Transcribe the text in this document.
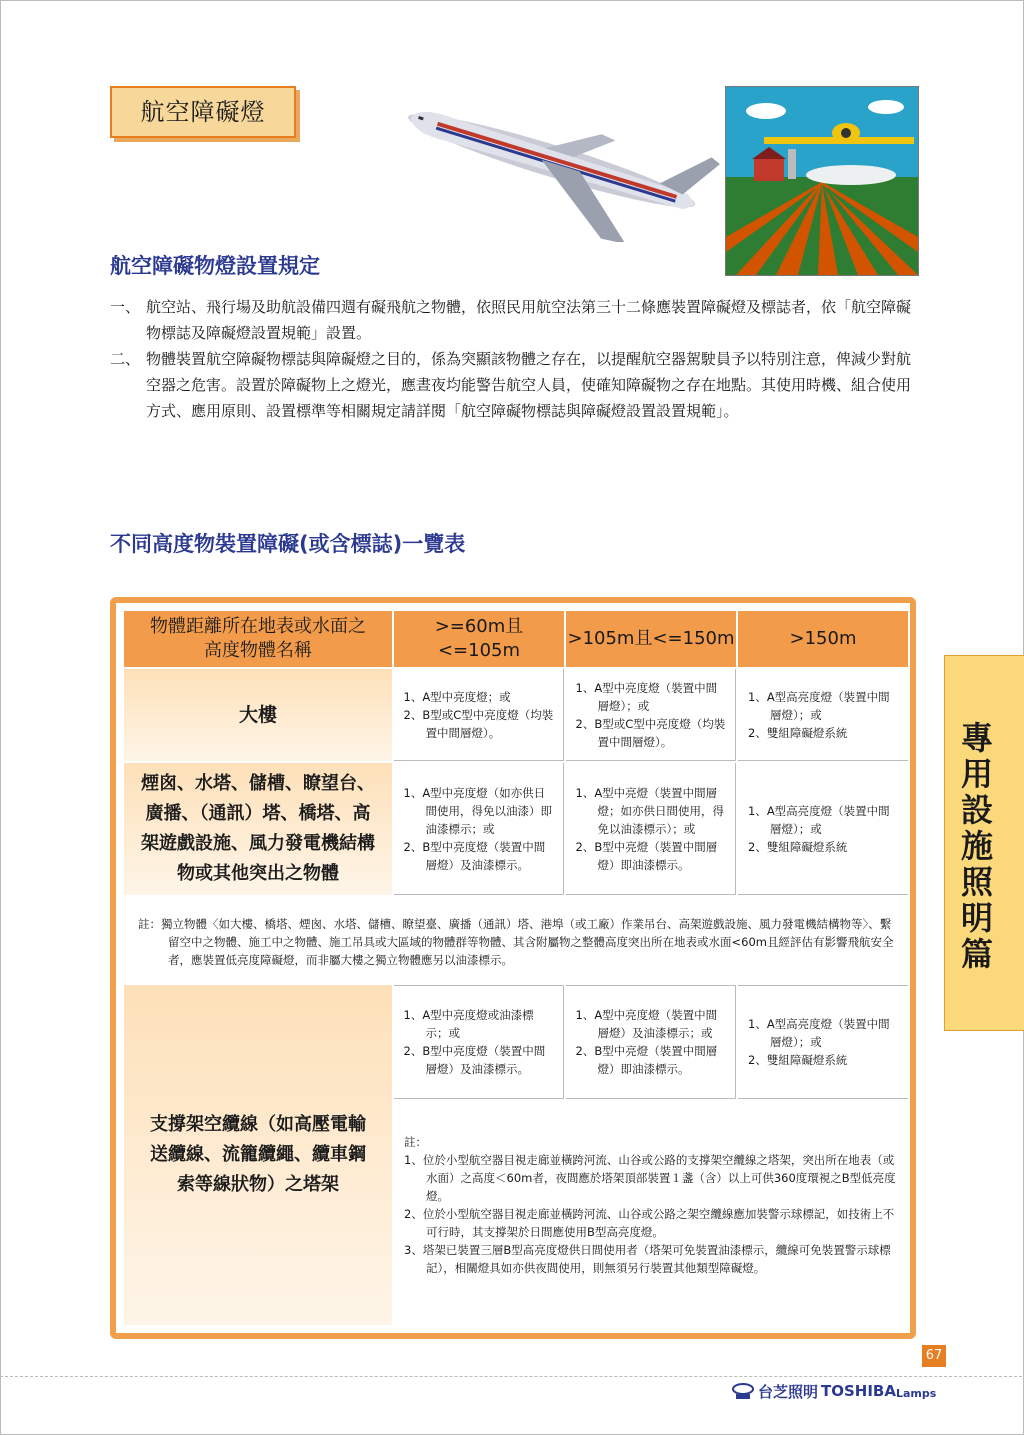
航空障礙燈
航空障礙物燈設置規定
一、 航空站、飛行場及助航設備四週有礙飛航之物體，依照民用航空法第三十二條應裝置障礙燈及標誌者，依「航空障礙物標誌及障礙燈設置規範」設置。
二、 物體裝置航空障礙物標誌與障礙燈之目的，係為突顯該物體之存在，以提醒航空器駕駛員予以特別注意，俾減少對航空器之危害。設置於障礙物上之燈光，應晝夜均能警告航空人員，使確知障礙物之存在地點。其使用時機、組合使用方式、應用原則、設置標準等相關規定請詳閱「航空障礙物標誌與障礙燈設置設置規範」。
不同高度物裝置障礙(或含標誌)一覽表
物體距離所在地表或水面之高度物體名稱
>=60m且<=105m
>105m且<=150m	>150m
大樓
1、A型中亮度燈；或
2、B型或C型中亮度燈（均裝置中間層燈）。
1、A型中亮度燈（裝置中間層燈）；或
2、B型或C型中亮度燈（均裝置中間層燈）。
1、A型高亮度燈（裝置中間層燈）；或
2、雙組障礙燈系統
煙囪、水塔、儲槽、瞭望台、廣播、（通訊）塔、橋塔、高架遊戲設施、風力發電機結構物或其他突出之物體
1、A型中亮度燈（如亦供日間使用，得免以油漆）即油漆標示；或
2、B型中亮度燈（裝置中間層燈）及油漆標示。
1、A型中亮燈（裝置中間層燈；如亦供日間使用，得免以油漆標示）；或
2、B型中亮燈（裝置中間層燈）即油漆標示。
1、A型高亮度燈（裝置中間層燈）；或
2、雙組障礙燈系統
註：獨立物體〈如大樓、橋塔、煙囪、水塔、儲槽、瞭望臺、廣播（通訊）塔、港埠（或工廠）作業吊台、高架遊戲設施、風力發電機結構物等〉、繫留空中之物體、施工中之物體、施工吊具或大區域的物體群等物體、其含附屬物之整體高度突出所在地表或水面<60m且經評估有影響飛航安全者，應裝置低亮度障礙燈，而非屬大樓之獨立物體應另以油漆標示。
支撐架空纜線（如高壓電輸送纜線、流籠纜繩、纜車鋼索等線狀物）之塔架
1、A型中亮度燈或油漆標示；或
2、B型中亮度燈（裝置中間層燈）及油漆標示。
1、A型中亮度燈（裝置中間層燈）及油漆標示；或
2、B型中亮燈（裝置中間層燈）即油漆標示。
1、A型高亮度燈（裝置中間層燈）；或
2、雙組障礙燈系統
註：
1、位於小型航空器目視走廊並橫跨河流、山谷或公路的支撐架空纜線之塔架，突出所在地表（或水面）之高度＜60m者，夜間應於塔架頂部裝置１盞（含）以上可供360度環視之B型低亮度燈。
2、位於小型航空器目視走廊並橫跨河流、山谷或公路之架空纜線應加裝警示球標記，如技術上不可行時，其支撐架於日間應使用B型高亮度燈。
3、塔架已裝置三層B型高亮度燈供日間使用者（塔架可免裝置油漆標示，纜線可免裝置警示球標記），相關燈具如亦供夜間使用，則無須另行裝置其他類型障礙燈。
專用設施照明篇
67
台芝照明 TOSHIBA Lamps
